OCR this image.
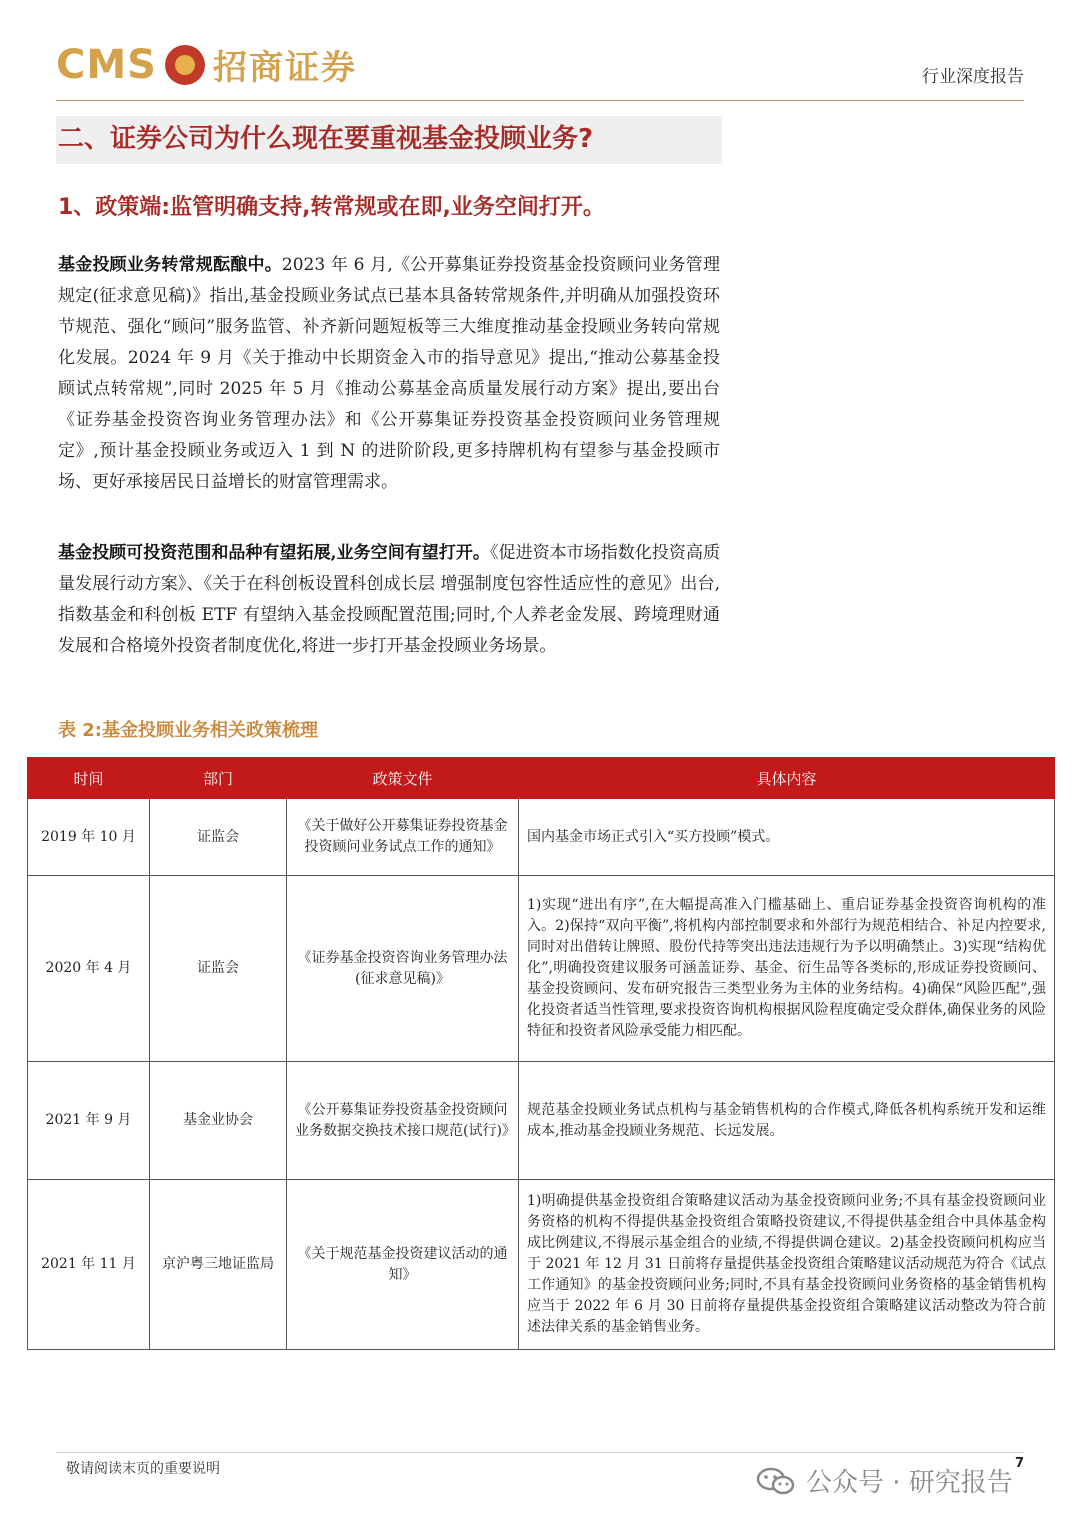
CMS 招商证券	行业深度报告
二、证券公司为什么现在要重视基金投顾业务?
1、政策端:监管明确支持,转常规或在即,业务空间打开。
基金投顾业务转常规酝酿中。2023 年 6 月,《公开募集证券投资基金投资顾问业务管理规定(征求意见稿)》指出,基金投顾业务试点已基本具备转常规条件,并明确从加强投资环节规范、强化“顾问”服务监管、补齐新问题短板等三大维度推动基金投顾业务转向常规化发展。2024 年 9 月《关于推动中长期资金入市的指导意见》提出,“推动公募基金投顾试点转常规”,同时 2025 年 5 月《推动公募基金高质量发展行动方案》提出,要出台《证券基金投资咨询业务管理办法》和《公开募集证券投资基金投资顾问业务管理规定》,预计基金投顾业务或迈入 1 到 N 的进阶阶段,更多持牌机构有望参与基金投顾市场、更好承接居民日益增长的财富管理需求。
基金投顾可投资范围和品种有望拓展,业务空间有望打开。《促进资本市场指数化投资高质量发展行动方案》、《关于在科创板设置科创成长层 增强制度包容性适应性的意见》出台,指数基金和科创板 ETF 有望纳入基金投顾配置范围;同时,个人养老金发展、跨境理财通发展和合格境外投资者制度优化,将进一步打开基金投顾业务场景。
表 2:基金投顾业务相关政策梳理
时间	部门	政策文件	具体内容
2019 年 10 月	证监会	《关于做好公开募集证券投资基金投资顾问业务试点工作的通知》	国内基金市场正式引入“买方投顾”模式。
2020 年 4 月	证监会	《证券基金投资咨询业务管理办法(征求意见稿)》	1)实现“进出有序”,在大幅提高准入门槛基础上、重启证券基金投资咨询机构的准入。2)保持“双向平衡”,将机构内部控制要求和外部行为规范相结合、补足内控要求,同时对出借转让牌照、股份代持等突出违法违规行为予以明确禁止。3)实现“结构优化”,明确投资建议服务可涵盖证券、基金、衍生品等各类标的,形成证券投资顾问、基金投资顾问、发布研究报告三类型业务为主体的业务结构。4)确保“风险匹配”,强化投资者适当性管理,要求投资咨询机构根据风险程度确定受众群体,确保业务的风险特征和投资者风险承受能力相匹配。
2021 年 9 月	基金业协会	《公开募集证券投资基金投资顾问业务数据交换技术接口规范(试行)》	规范基金投顾业务试点机构与基金销售机构的合作模式,降低各机构系统开发和运维成本,推动基金投顾业务规范、长远发展。
2021 年 11 月	京沪粤三地证监局	《关于规范基金投资建议活动的通知》	1)明确提供基金投资组合策略建议活动为基金投资顾问业务;不具有基金投资顾问业务资格的机构不得提供基金投资组合策略投资建议,不得提供基金组合中具体基金构成比例建议,不得展示基金组合的业绩,不得提供调仓建议。2)基金投资顾问机构应当于 2021 年 12 月 31 日前将存量提供基金投资组合策略建议活动规范为符合《试点工作通知》的基金投资顾问业务;同时,不具有基金投资顾问业务资格的基金销售机构应当于 2022 年 6 月 30 日前将存量提供基金投资组合策略建议活动整改为符合前述法律关系的基金销售业务。
敬请阅读末页的重要说明	7
公众号 · 研究报告
